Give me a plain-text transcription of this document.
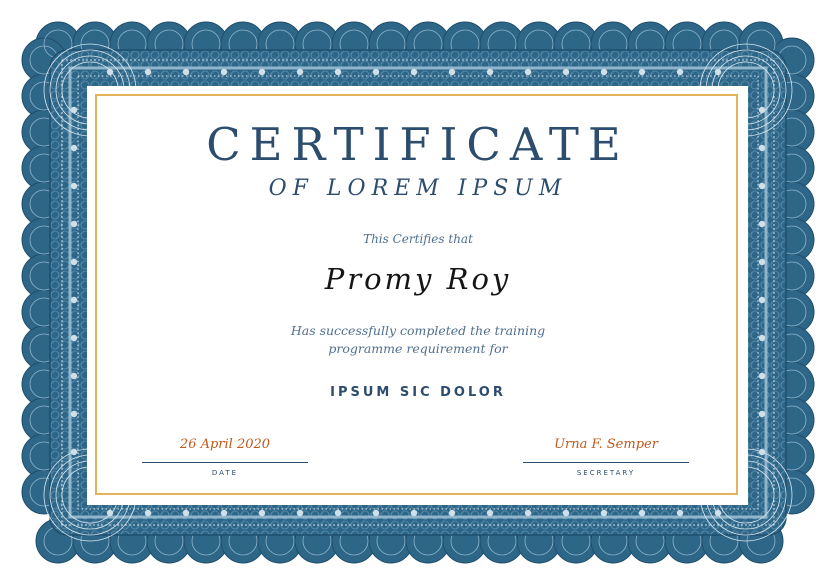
CERTIFICATE
OF LOREM IPSUM
This Certifies that
Promy Roy
Has successfully completed the training
programme requirement for
IPSUM SIC DOLOR
26 April 2020
DATE
Urna F. Semper
SECRETARY
